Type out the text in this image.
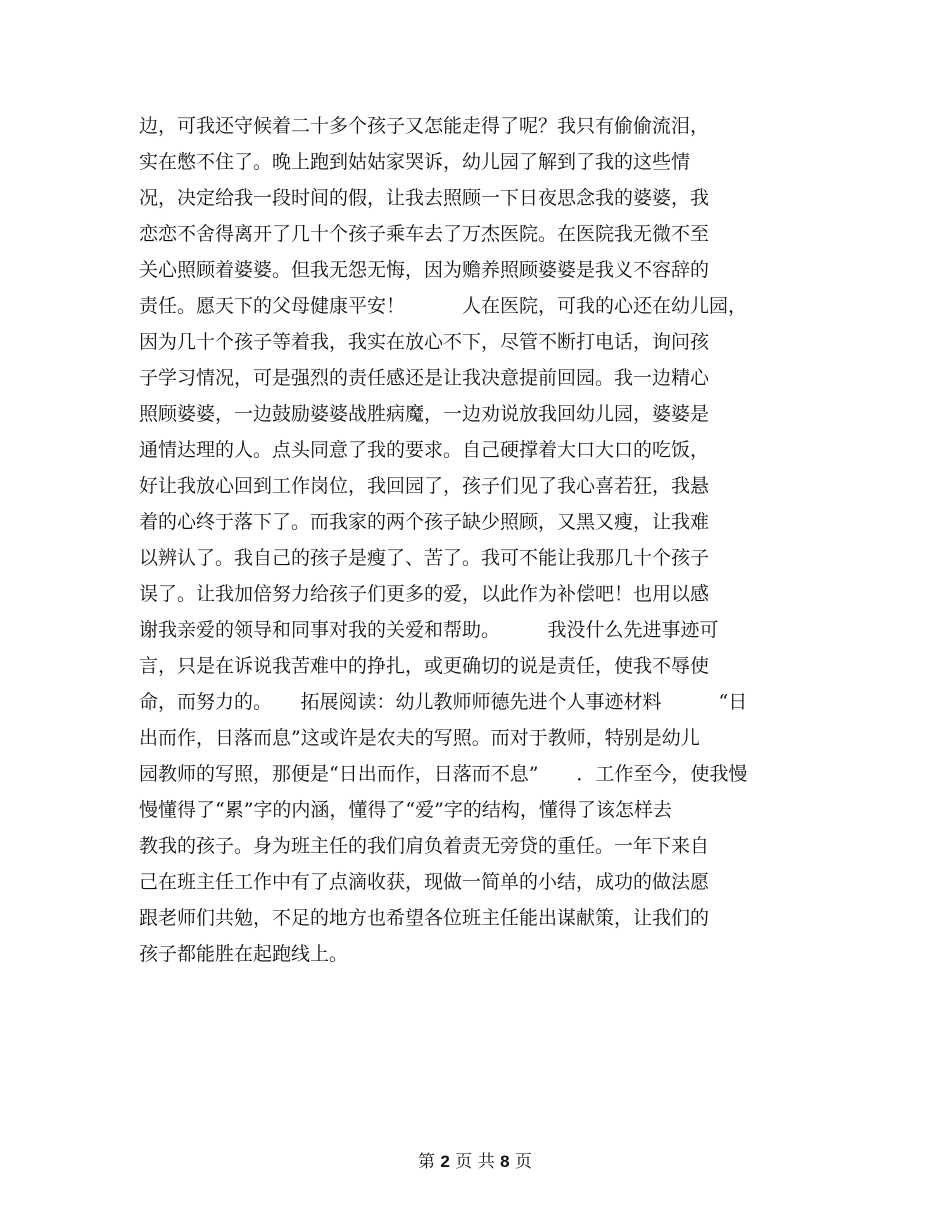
边，可我还守候着二十多个孩子又怎能走得了呢？我只有偷偷流泪，
实在憋不住了。晚上跑到姑姑家哭诉，幼儿园了解到了我的这些情
况，决定给我一段时间的假，让我去照顾一下日夜思念我的婆婆，我
恋恋不舍得离开了几十个孩子乘车去了万杰医院。在医院我无微不至
关心照顾着婆婆。但我无怨无悔，因为赡养照顾婆婆是我义不容辞的
责任。愿天下的父母健康平安！　　　人在医院，可我的心还在幼儿园，
因为几十个孩子等着我，我实在放心不下，尽管不断打电话，询问孩
子学习情况，可是强烈的责任感还是让我决意提前回园。我一边精心
照顾婆婆，一边鼓励婆婆战胜病魔，一边劝说放我回幼儿园，婆婆是
通情达理的人。点头同意了我的要求。自己硬撑着大口大口的吃饭，
好让我放心回到工作岗位，我回园了，孩子们见了我心喜若狂，我悬
着的心终于落下了。而我家的两个孩子缺少照顾，又黑又瘦，让我难
以辨认了。我自己的孩子是瘦了、苦了。我可不能让我那几十个孩子
误了。让我加倍努力给孩子们更多的爱，以此作为补偿吧！也用以感
谢我亲爱的领导和同事对我的关爱和帮助。　　　我没什么先进事迹可
言，只是在诉说我苦难中的挣扎，或更确切的说是责任，使我不辱使
命，而努力的。　　拓展阅读：幼儿教师师德先进个人事迹材料　　　“日
出而作，日落而息”这或许是农夫的写照。而对于教师，特别是幼儿
园教师的写照，那便是“日出而作，日落而不息”　　．工作至今，使我慢
慢懂得了“累”字的内涵，懂得了“爱”字的结构，懂得了该怎样去
教我的孩子。身为班主任的我们肩负着责无旁贷的重任。一年下来自
己在班主任工作中有了点滴收获，现做一简单的小结，成功的做法愿
跟老师们共勉，不足的地方也希望各位班主任能出谋献策，让我们的
孩子都能胜在起跑线上。
第 2 页 共 8 页
